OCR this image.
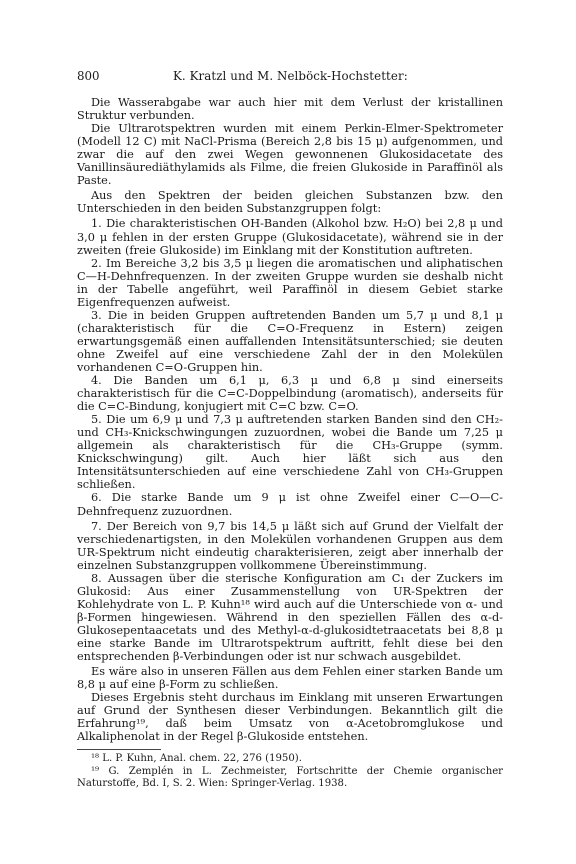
800	K. Kratzl und M. Nelböck-Hochstetter:

Die Wasserabgabe war auch hier mit dem Verlust der kristallinen Struktur verbunden.

Die Ultrarotspektren wurden mit einem Perkin-Elmer-Spektrometer (Modell 12 C) mit NaCl-Prisma (Bereich 2,8 bis 15 μ) aufgenommen, und zwar die auf den zwei Wegen gewonnenen Glukosidacetate des Vanillinsäurediäthylamids als Filme, die freien Glukoside in Paraffinöl als Paste.

Aus den Spektren der beiden gleichen Substanzen bzw. den Unterschieden in den beiden Substanzgruppen folgt:

1. Die charakteristischen OH-Banden (Alkohol bzw. H₂O) bei 2,8 μ und 3,0 μ fehlen in der ersten Gruppe (Glukosidacetate), während sie in der zweiten (freie Glukoside) im Einklang mit der Konstitution auftreten.

2. Im Bereiche 3,2 bis 3,5 μ liegen die aromatischen und aliphatischen C—H-Dehnfrequenzen. In der zweiten Gruppe wurden sie deshalb nicht in der Tabelle angeführt, weil Paraffinöl in diesem Gebiet starke Eigenfrequenzen aufweist.

3. Die in beiden Gruppen auftretenden Banden um 5,7 μ und 8,1 μ (charakteristisch für die C=O-Frequenz in Estern) zeigen erwartungsgemäß einen auffallenden Intensitätsunterschied; sie deuten ohne Zweifel auf eine verschiedene Zahl der in den Molekülen vorhandenen C=O-Gruppen hin.

4. Die Banden um 6,1 μ, 6,3 μ und 6,8 μ sind einerseits charakteristisch für die C=C-Doppelbindung (aromatisch), anderseits für die C=C-Bindung, konjugiert mit C=C bzw. C=O.

5. Die um 6,9 μ und 7,3 μ auftretenden starken Banden sind den CH₂- und CH₃-Knickschwingungen zuzuordnen, wobei die Bande um 7,25 μ allgemein als charakteristisch für die CH₃-Gruppe (symm. Knickschwingung) gilt. Auch hier läßt sich aus den Intensitätsunterschieden auf eine verschiedene Zahl von CH₃-Gruppen schließen.

6. Die starke Bande um 9 μ ist ohne Zweifel einer C—O—C-Dehnfrequenz zuzuordnen.

7. Der Bereich von 9,7 bis 14,5 μ läßt sich auf Grund der Vielfalt der verschiedenartigsten, in den Molekülen vorhandenen Gruppen aus dem UR-Spektrum nicht eindeutig charakterisieren, zeigt aber innerhalb der einzelnen Substanzgruppen vollkommene Übereinstimmung.

8. Aussagen über die sterische Konfiguration am C₁ der Zuckers im Glukosid: Aus einer Zusammenstellung von UR-Spektren der Kohlehydrate von L. P. Kuhn¹⁸ wird auch auf die Unterschiede von α- und β-Formen hingewiesen. Während in den speziellen Fällen des α-d-Glukosepentaacetats und des Methyl-α-d-glukosidtetraacetats bei 8,8 μ eine starke Bande im Ultrarotspektrum auftritt, fehlt diese bei den entsprechenden β-Verbindungen oder ist nur schwach ausgebildet.

Es wäre also in unseren Fällen aus dem Fehlen einer starken Bande um 8,8 μ auf eine β-Form zu schließen.

Dieses Ergebnis steht durchaus im Einklang mit unseren Erwartungen auf Grund der Synthesen dieser Verbindungen. Bekanntlich gilt die Erfahrung¹⁹, daß beim Umsatz von α-Acetobromglukose und Alkaliphenolat in der Regel β-Glukoside entstehen.

¹⁸ L. P. Kuhn, Anal. chem. 22, 276 (1950).

¹⁹ G. Zemplén in L. Zechmeister, Fortschritte der Chemie organischer Naturstoffe, Bd. I, S. 2. Wien: Springer-Verlag. 1938.
